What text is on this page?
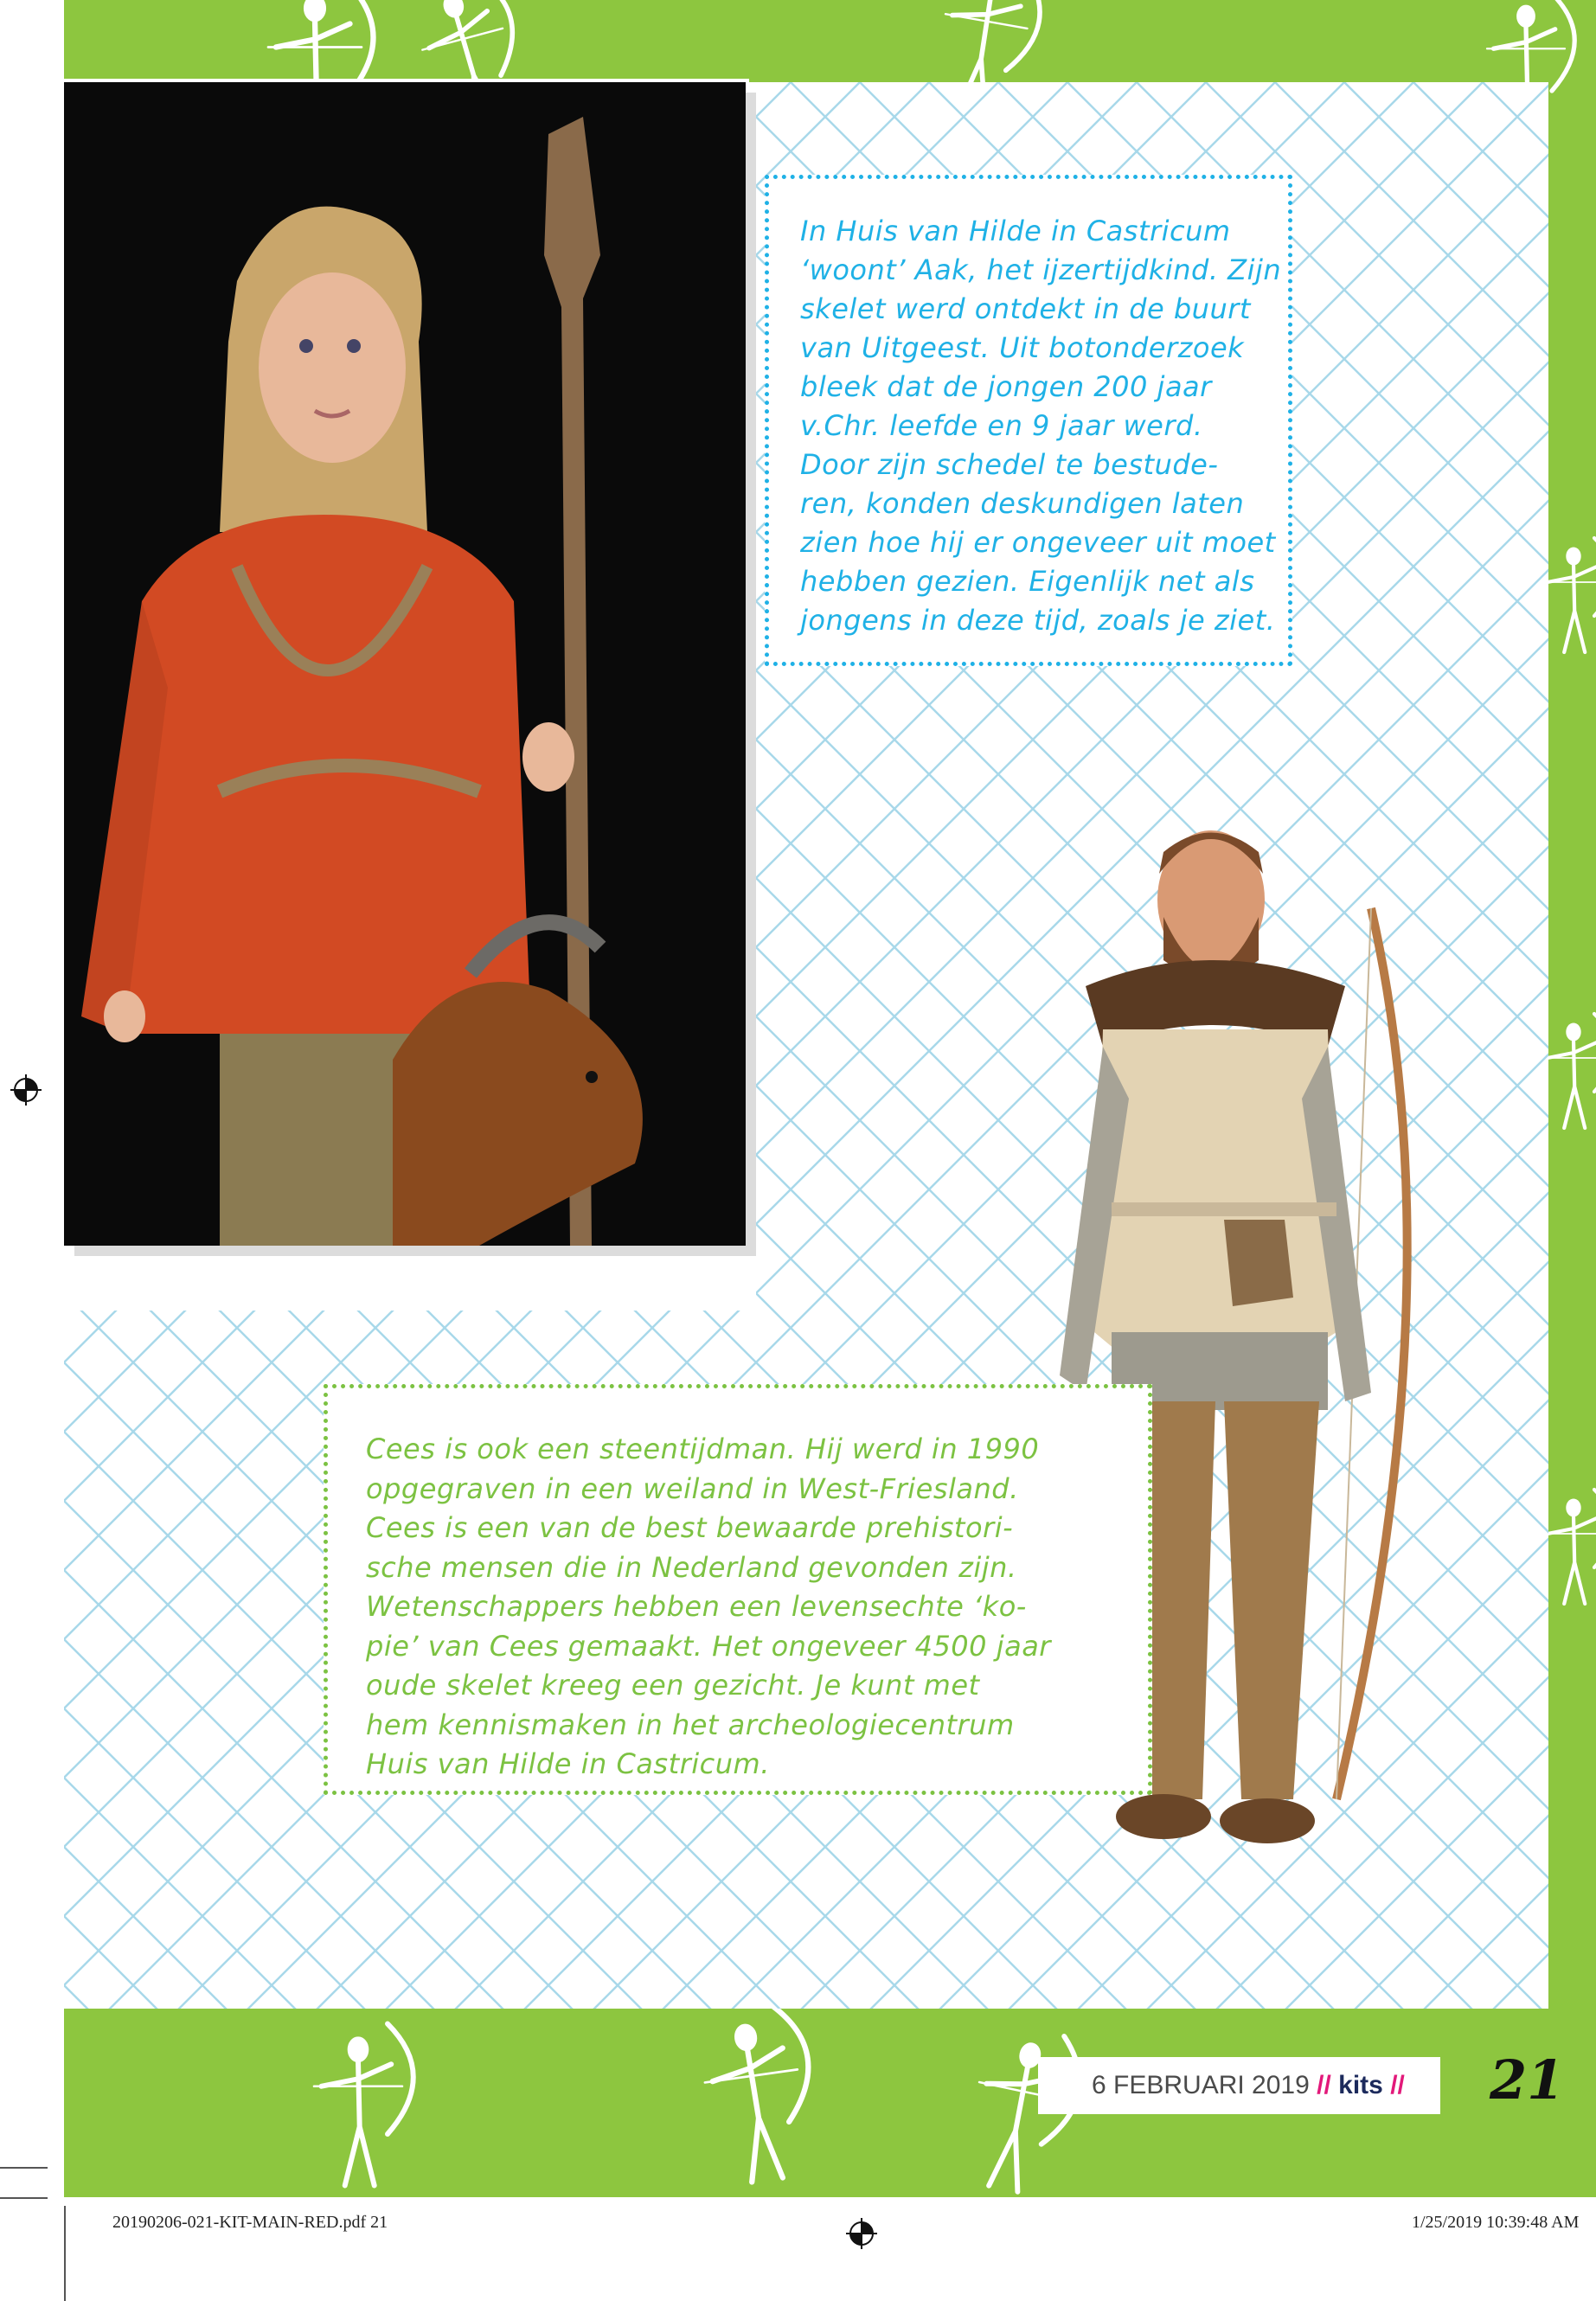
In Huis van Hilde in Castricum
‘woont’ Aak, het ijzertijdkind. Zijn
skelet werd ontdekt in de buurt
van Uitgeest. Uit botonderzoek
bleek dat de jongen 200 jaar
v.Chr. leefde en 9 jaar werd.
Door zijn schedel te bestude-
ren, konden deskundigen laten
zien hoe hij er ongeveer uit moet
hebben gezien. Eigenlijk net als
jongens in deze tijd, zoals je ziet.
Cees is ook een steentijdman. Hij werd in 1990
opgegraven in een weiland in West-Friesland.
Cees is een van de best bewaarde prehistori-
sche mensen die in Nederland gevonden zijn.
Wetenschappers hebben een levensechte ‘ko-
pie’ van Cees gemaakt. Het ongeveer 4500 jaar
oude skelet kreeg een gezicht. Je kunt met
hem kennismaken in het archeologiecentrum
Huis van Hilde in Castricum.
6 FEBRUARI 2019 // kits // 21
20190206-021-KIT-MAIN-RED.pdf 21	1/25/2019 10:39:48 AM
